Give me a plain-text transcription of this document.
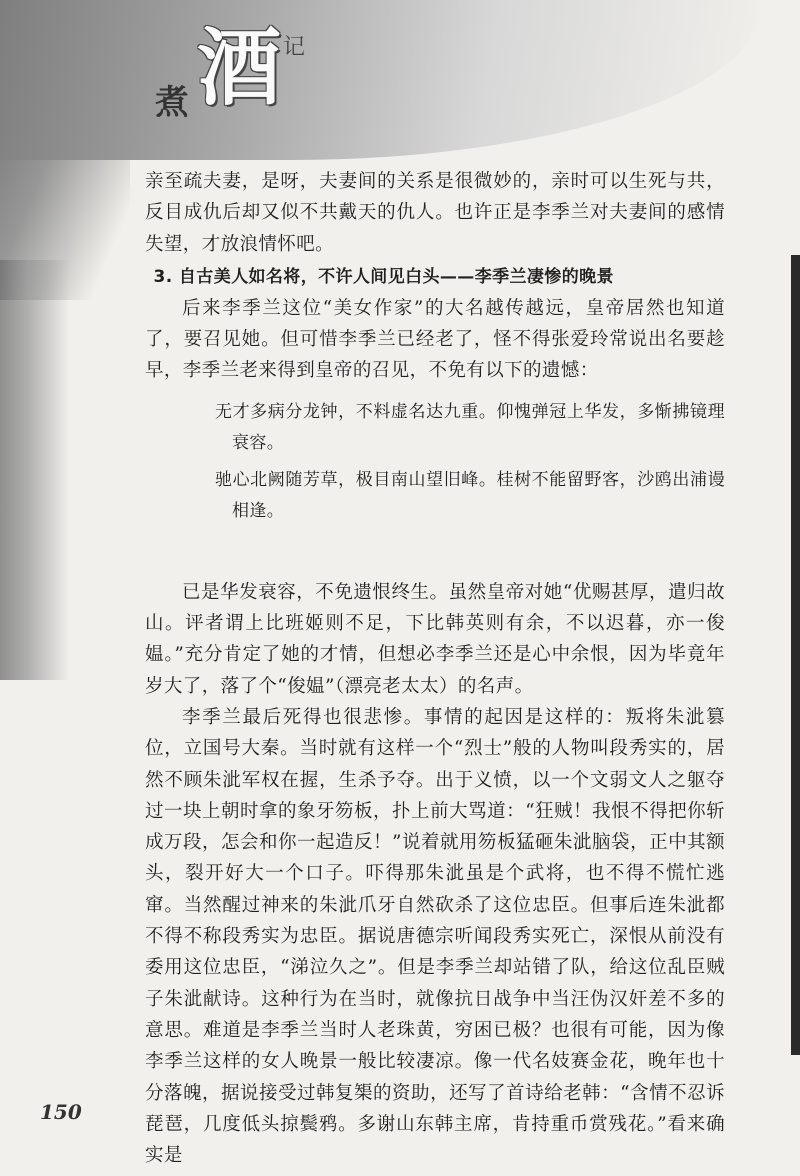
煮 酒 记

亲至疏夫妻，是呀，夫妻间的关系是很微妙的，亲时可以生死与共，反目成仇后却又似不共戴天的仇人。也许正是李季兰对夫妻间的感情失望，才放浪情怀吧。

3. 自古美人如名将，不许人间见白头——李季兰凄惨的晚景

后来李季兰这位“美女作家”的大名越传越远，皇帝居然也知道了，要召见她。但可惜李季兰已经老了，怪不得张爱玲常说出名要趁早，李季兰老来得到皇帝的召见，不免有以下的遗憾：

无才多病分龙钟，不料虚名达九重。仰愧弹冠上华发，多惭拂镜理衰容。

驰心北阙随芳草，极目南山望旧峰。桂树不能留野客，沙鸥出浦谩相逢。

已是华发衰容，不免遗恨终生。虽然皇帝对她“优赐甚厚，遣归故山。评者谓上比班姬则不足，下比韩英则有余，不以迟暮，亦一俊媪。”充分肯定了她的才情，但想必李季兰还是心中余恨，因为毕竟年岁大了，落了个“俊媪”（漂亮老太太）的名声。

李季兰最后死得也很悲惨。事情的起因是这样的：叛将朱泚篡位，立国号大秦。当时就有这样一个“烈士”般的人物叫段秀实的，居然不顾朱泚军权在握，生杀予夺。出于义愤，以一个文弱文人之躯夺过一块上朝时拿的象牙笏板，扑上前大骂道：“狂贼！我恨不得把你斩成万段，怎会和你一起造反！”说着就用笏板猛砸朱泚脑袋，正中其额头，裂开好大一个口子。吓得那朱泚虽是个武将，也不得不慌忙逃窜。当然醒过神来的朱泚爪牙自然砍杀了这位忠臣。但事后连朱泚都不得不称段秀实为忠臣。据说唐德宗听闻段秀实死亡，深恨从前没有委用这位忠臣，“涕泣久之”。但是李季兰却站错了队，给这位乱臣贼子朱泚献诗。这种行为在当时，就像抗日战争中当汪伪汉奸差不多的意思。难道是李季兰当时人老珠黄，穷困已极？也很有可能，因为像李季兰这样的女人晚景一般比较凄凉。像一代名妓赛金花，晚年也十分落魄，据说接受过韩复榘的资助，还写了首诗给老韩：“含情不忍诉琵琶，几度低头掠鬓鸦。多谢山东韩主席，肯持重币赏残花。”看来确实是

150
